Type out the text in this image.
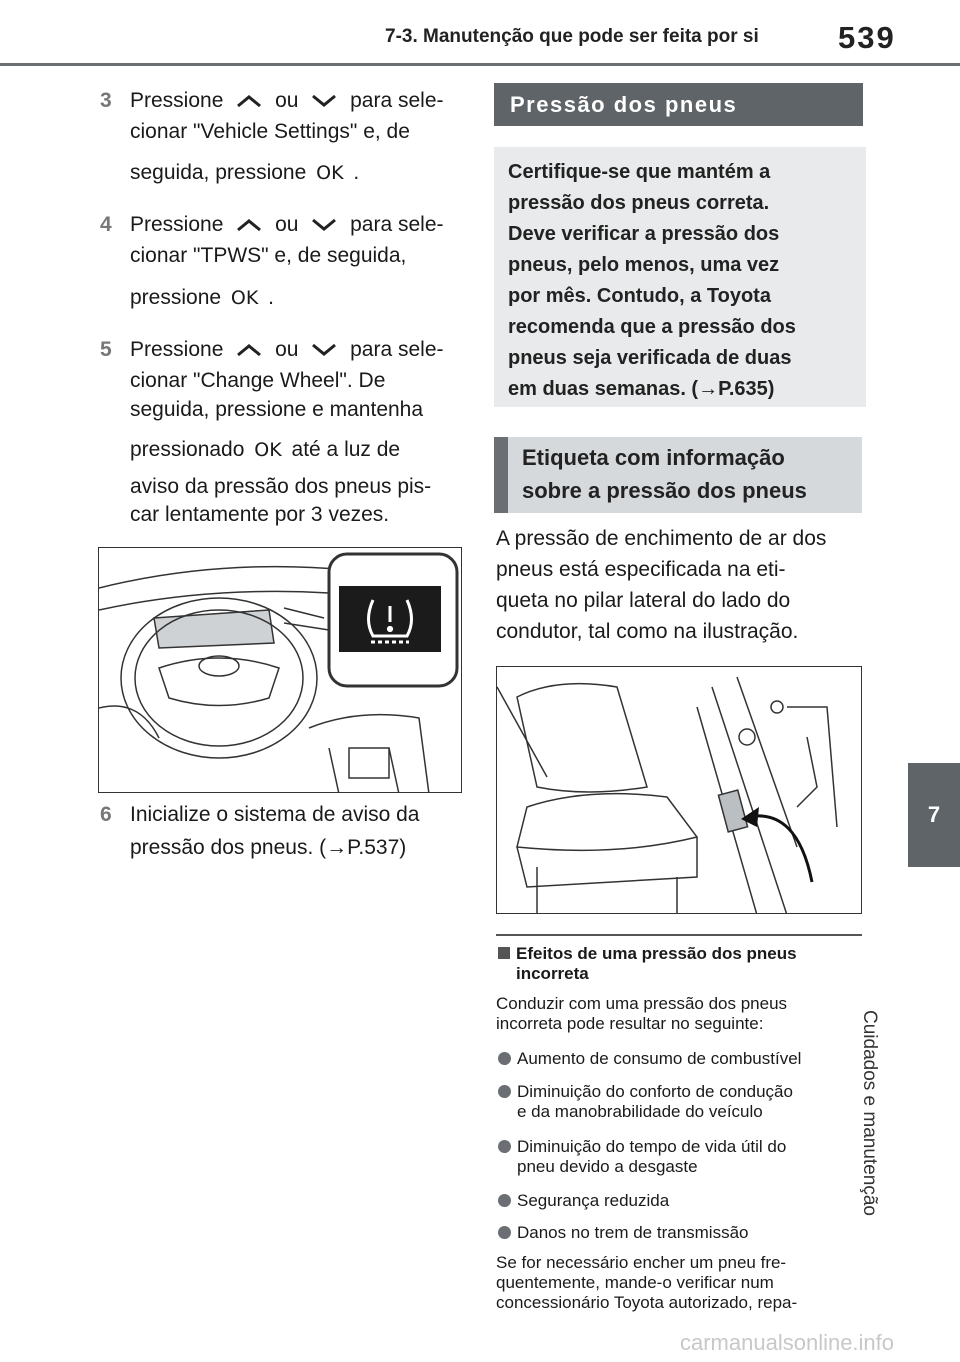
7-3. Manutenção que pode ser feita por si	539
7
Cuidados e manutenção
3 Pressione ou para sele-
cionar "Vehicle Settings" e, de
seguida, pressione OK .
4 Pressione ou para sele-
cionar "TPWS" e, de seguida,
pressione OK .
5 Pressione ou para sele-
cionar "Change Wheel". De
seguida, pressione e mantenha
pressionado OK até a luz de
aviso da pressão dos pneus pis-
car lentamente por 3 vezes.
6 Inicialize o sistema de aviso da
pressão dos pneus. (→P.537)
Pressão dos pneus

Certifique-se que mantém a

pressão dos pneus correta.

Deve verificar a pressão dos

pneus, pelo menos, uma vez

por mês. Contudo, a Toyota

recomenda que a pressão dos

pneus seja verificada de duas

em duas semanas. (→P.635)

Etiqueta com informação
sobre a pressão dos pneus
A pressão de enchimento de ar dos
pneus está especificada na eti-
queta no pilar lateral do lado do
condutor, tal como na ilustração.
Efeitos de uma pressão dos pneus
incorreta
Conduzir com uma pressão dos pneus
incorreta pode resultar no seguinte:
Aumento de consumo de combustível
Diminuição do conforto de condução
e da manobrabilidade do veículo
Diminuição do tempo de vida útil do
pneu devido a desgaste
Segurança reduzida
Danos no trem de transmissão
Se for necessário encher um pneu fre-
quentemente, mande-o verificar num
concessionário Toyota autorizado, repa-
carmanualsonline.info
